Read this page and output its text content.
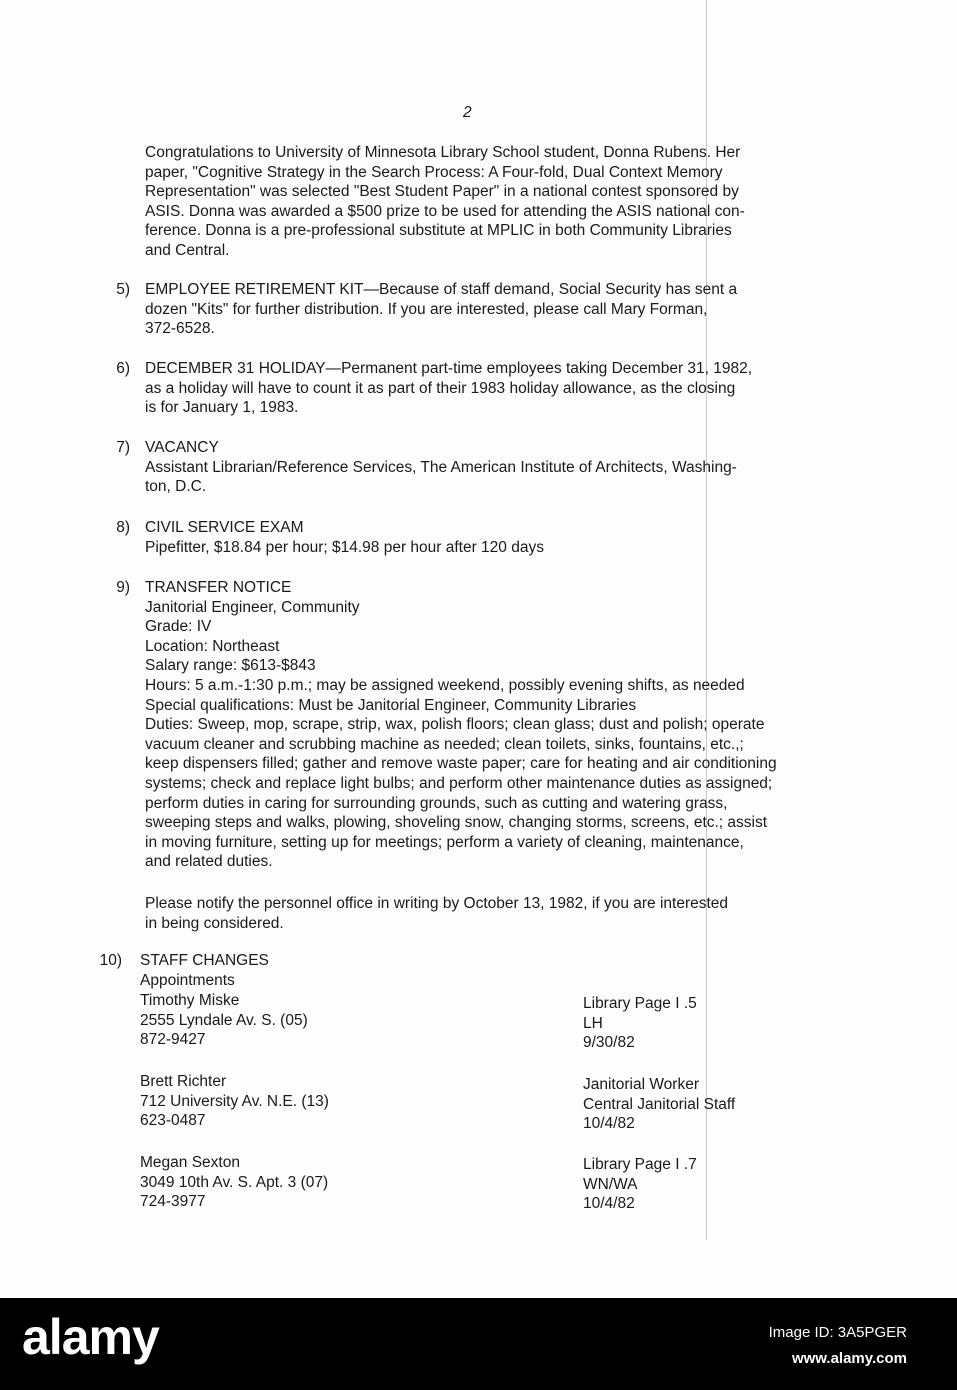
2
Congratulations to University of Minnesota Library School student, Donna Rubens. Her
paper, "Cognitive Strategy in the Search Process: A Four-fold, Dual Context Memory
Representation" was selected "Best Student Paper" in a national contest sponsored by
ASIS. Donna was awarded a $500 prize to be used for attending the ASIS national con-
ference. Donna is a pre-professional substitute at MPLIC in both Community Libraries
and Central.
5) EMPLOYEE RETIREMENT KIT—Because of staff demand, Social Security has sent a
dozen "Kits" for further distribution. If you are interested, please call Mary Forman,
372-6528.
6) DECEMBER 31 HOLIDAY—Permanent part-time employees taking December 31, 1982,
as a holiday will have to count it as part of their 1983 holiday allowance, as the closing
is for January 1, 1983.
7) VACANCY
Assistant Librarian/Reference Services, The American Institute of Architects, Washing-
ton, D.C.
8) CIVIL SERVICE EXAM
Pipefitter, $18.84 per hour; $14.98 per hour after 120 days
9) TRANSFER NOTICE
Janitorial Engineer, Community
Grade: IV
Location: Northeast
Salary range: $613-$843
Hours: 5 a.m.-1:30 p.m.; may be assigned weekend, possibly evening shifts, as needed
Special qualifications: Must be Janitorial Engineer, Community Libraries
Duties: Sweep, mop, scrape, strip, wax, polish floors; clean glass; dust and polish; operate
vacuum cleaner and scrubbing machine as needed; clean toilets, sinks, fountains, etc.,;
keep dispensers filled; gather and remove waste paper; care for heating and air conditioning
systems; check and replace light bulbs; and perform other maintenance duties as assigned;
perform duties in caring for surrounding grounds, such as cutting and watering grass,
sweeping steps and walks, plowing, shoveling snow, changing storms, screens, etc.; assist
in moving furniture, setting up for meetings; perform a variety of cleaning, maintenance,
and related duties.
Please notify the personnel office in writing by October 13, 1982, if you are interested
in being considered.
10) STAFF CHANGES
Appointments
Timothy Miske
2555 Lyndale Av. S. (05)
872-9427
Library Page I .5
LH
9/30/82
Brett Richter
712 University Av. N.E. (13)
623-0487
Janitorial Worker
Central Janitorial Staff
10/4/82
Megan Sexton
3049 10th Av. S. Apt. 3 (07)
724-3977
Library Page I .7
WN/WA
10/4/82
alamy	Image ID: 3A5PGER
www.alamy.com
